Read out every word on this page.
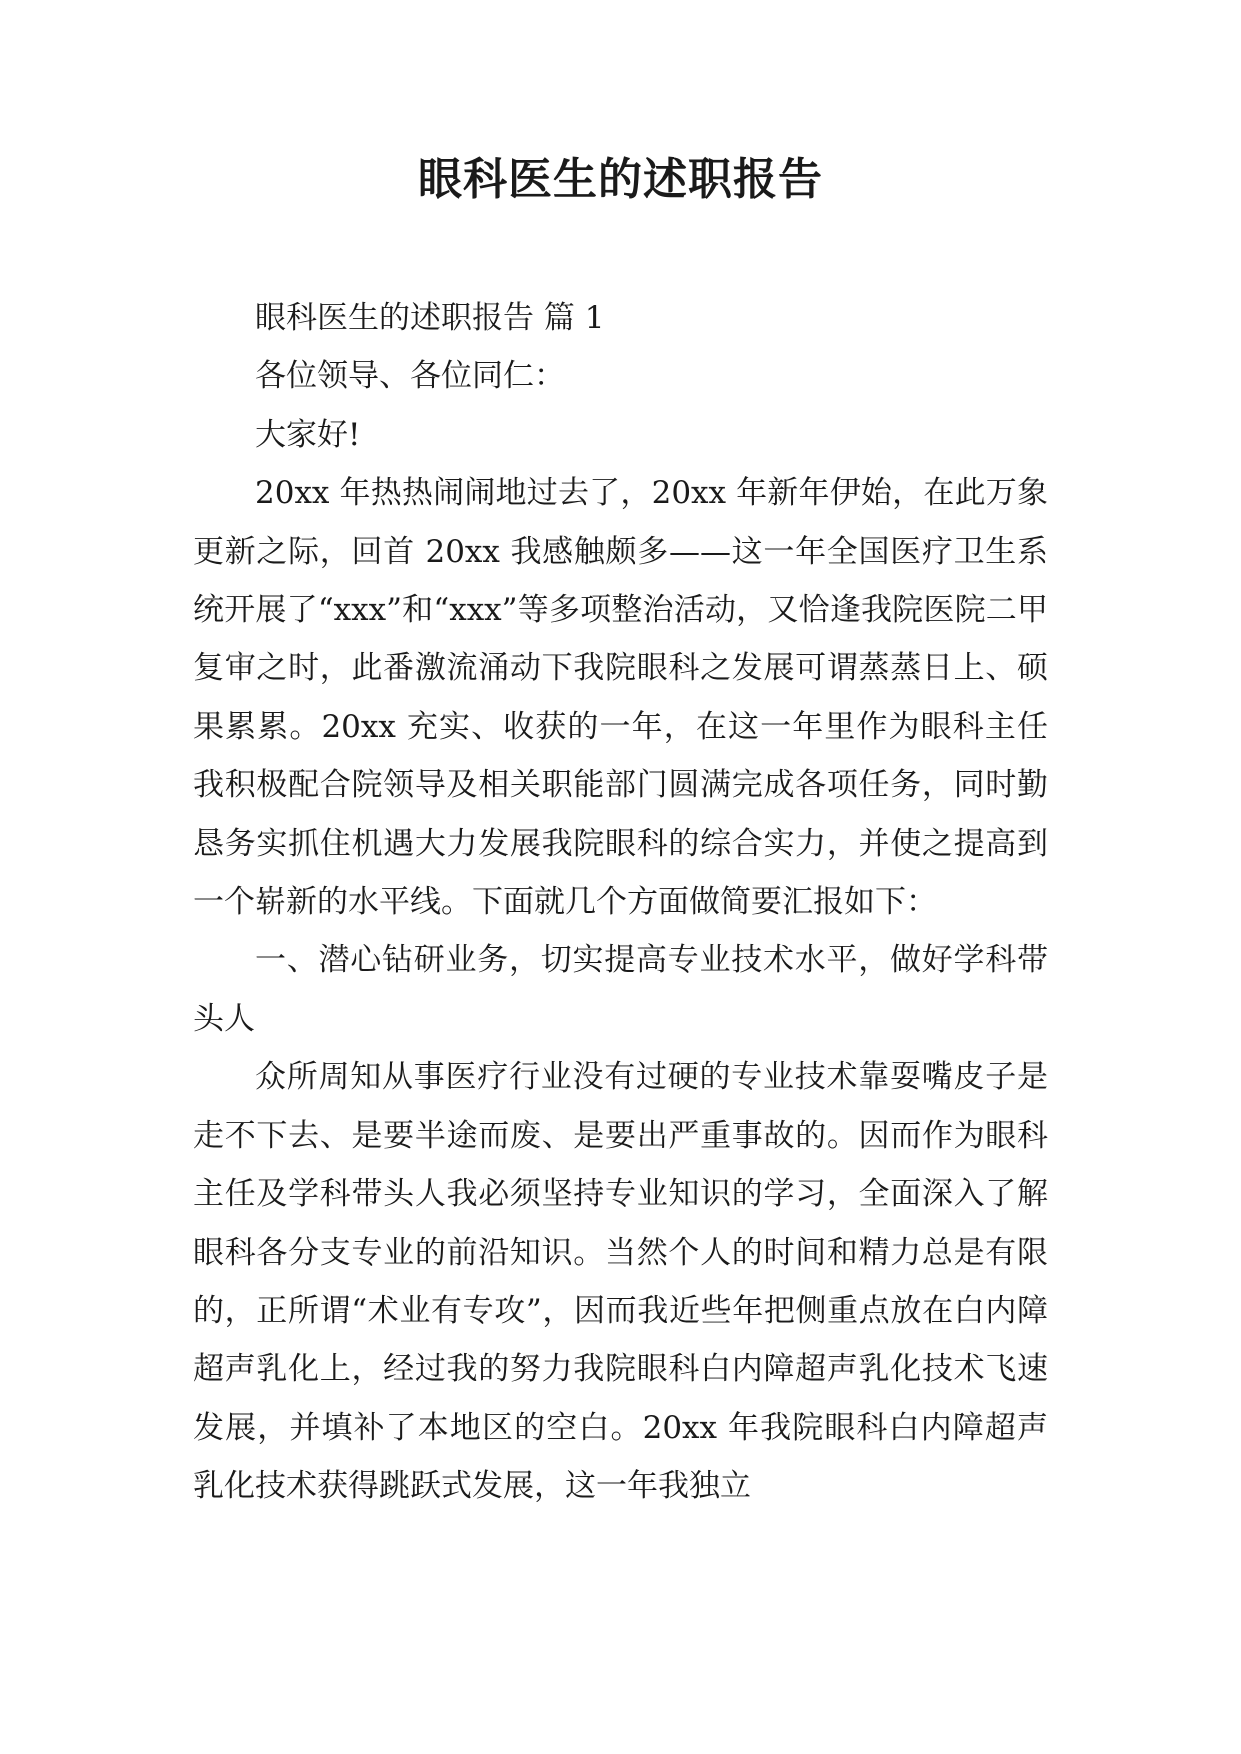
眼科医生的述职报告

眼科医生的述职报告 篇 1

各位领导、各位同仁：

大家好!

20xx 年热热闹闹地过去了，20xx 年新年伊始，在此万象更新之际，回首 20xx 我感触颇多——这一年全国医疗卫生系统开展了“xxx”和“xxx”等多项整治活动，又恰逢我院医院二甲复审之时，此番激流涌动下我院眼科之发展可谓蒸蒸日上、硕果累累。20xx 充实、收获的一年，在这一年里作为眼科主任我积极配合院领导及相关职能部门圆满完成各项任务，同时勤恳务实抓住机遇大力发展我院眼科的综合实力，并使之提高到一个崭新的水平线。下面就几个方面做简要汇报如下：

一、潜心钻研业务，切实提高专业技术水平，做好学科带头人

众所周知从事医疗行业没有过硬的专业技术靠耍嘴皮子是走不下去、是要半途而废、是要出严重事故的。因而作为眼科主任及学科带头人我必须坚持专业知识的学习，全面深入了解眼科各分支专业的前沿知识。当然个人的时间和精力总是有限的，正所谓“术业有专攻”，因而我近些年把侧重点放在白内障超声乳化上，经过我的努力我院眼科白内障超声乳化技术飞速发展，并填补了本地区的空白。20xx 年我院眼科白内障超声乳化技术获得跳跃式发展，这一年我独立
